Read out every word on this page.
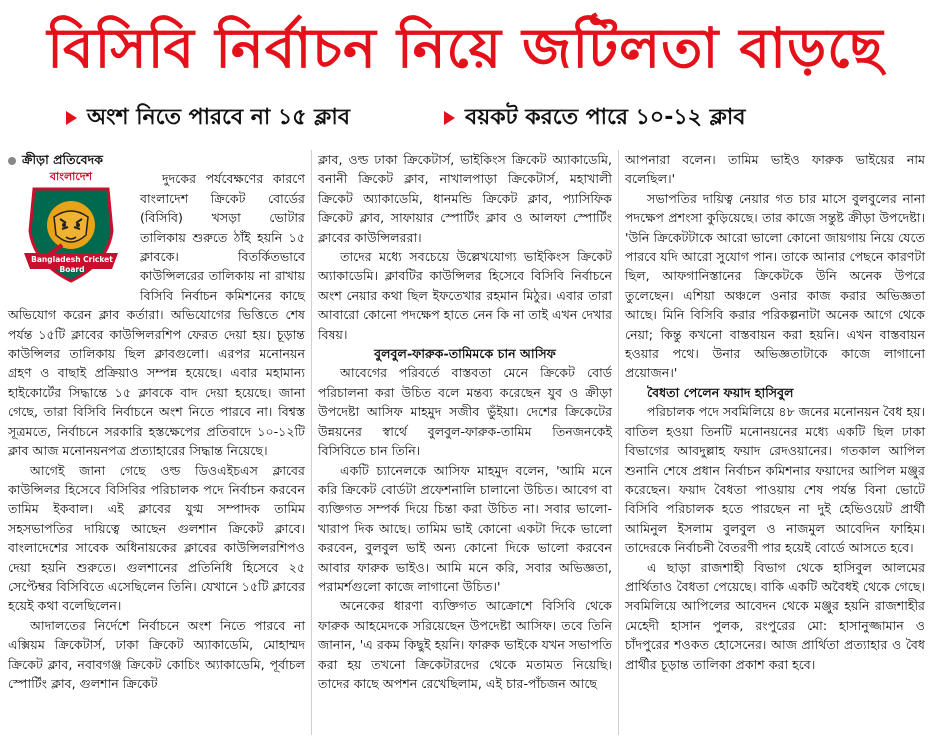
বিসিবি নির্বাচন নিয়ে জটিলতা বাড়ছে
অংশ নিতে পারবে না ১৫ ক্লাব	বয়কট করতে পারে ১০-১২ ক্লাব

ক্রীড়া প্রতিবেদক

বাংলাদেশ
Bangladesh Cricket Board

দুদকের পর্যবেক্ষণের কারণে বাংলাদেশ ক্রিকেট বোর্ডের (বিসিবি) খসড়া ভোটার তালিকায় শুরুতে ঠাঁই হয়নি ১৫ ক্লাবকে। বিতর্কিতভাবে কাউন্সিলরের তালিকায় না রাখায় বিসিবি নির্বাচন কমিশনের কাছে অভিযোগ করেন ক্লাব কর্তারা। অভিযোগের ভিত্তিতে শেষ পর্যন্ত ১৫টি ক্লাবের কাউন্সিলরশিপ ফেরত দেয়া হয়। চূড়ান্ত কাউন্সিলর তালিকায় ছিল ক্লাবগুলো। এরপর মনোনয়ন গ্রহণ ও বাছাই প্রক্রিয়াও সম্পন্ন হয়েছে। এবার মহামান্য হাইকোর্টের সিদ্ধান্তে ১৫ ক্লাবকে বাদ দেয়া হয়েছে। জানা গেছে, তারা বিসিবি নির্বাচনে অংশ নিতে পারবে না। বিশ্বস্ত সূত্রমতে, নির্বাচনে সরকারি হস্তক্ষেপের প্রতিবাদে ১০-১২টি ক্লাব আজ মনোনয়নপত্র প্রত্যাহারের সিদ্ধান্ত নিয়েছে।

আগেই জানা গেছে ওল্ড ডিওএইচএস ক্লাবের কাউন্সিলর হিসেবে বিসিবির পরিচালক পদে নির্বাচন করবেন তামিম ইকবাল। এই ক্লাবের যুগ্ম সম্পাদক তামিম সহসভাপতির দায়িত্বে আছেন গুলশান ক্রিকেট ক্লাবে। বাংলাদেশের সাবেক অধিনায়কের ক্লাবের কাউন্সিলরশিপও দেয়া হয়নি শুরুতে। গুলশানের প্রতিনিধি হিসেবে ২৫ সেপ্টেম্বর বিসিবিতে এসেছিলেন তিনি। যেখানে ১৫টি ক্লাবের হয়েই কথা বলেছিলেন।

আদালতের নির্দেশে নির্বাচনে অংশ নিতে পারবে না এক্সিয়ম ক্রিকেটার্স, ঢাকা ক্রিকেট অ্যাকাডেমি, মোহাম্মদ ক্রিকেট ক্লাব, নবাবগঞ্জ ক্রিকেট কোচিং অ্যাকাডেমি, পূর্বাচল স্পোর্টিং ক্লাব, গুলশান ক্রিকেট

ক্লাব, ওল্ড ঢাকা ক্রিকেটার্স, ভাইকিংস ক্রিকেট অ্যাকাডেমি, বনানী ক্রিকেট ক্লাব, নাখালপাড়া ক্রিকেটার্স, মহাখালী ক্রিকেট অ্যাকাডেমি, ধানমন্ডি ক্রিকেট ক্লাব, প্যাসিফিক ক্রিকেট ক্লাব, সাফায়ার স্পোর্টিং ক্লাব ও আলফা স্পোর্টিং ক্লাবের কাউন্সিলররা।

তাদের মধ্যে সবচেয়ে উল্লেখযোগ্য ভাইকিংস ক্রিকেট অ্যাকাডেমি। ক্লাবটির কাউন্সিলর হিসেবে বিসিবি নির্বাচনে অংশ নেয়ার কথা ছিল ইফতেখার রহমান মিঠুর। এবার তারা আবারো কোনো পদক্ষেপ হাতে নেন কি না তাই এখন দেখার বিষয়।

বুলবুল-ফারুক-তামিমকে চান আসিফ

আবেগের পরিবর্তে বাস্তবতা মেনে ক্রিকেট বোর্ড পরিচালনা করা উচিত বলে মন্তব্য করেছেন যুব ও ক্রীড়া উপদেষ্টা আসিফ মাহমুদ সজীব ভুঁইয়া। দেশের ক্রিকেটের উন্নয়নের স্বার্থে বুলবুল-ফারুক-তামিম তিনজনকেই বিসিবিতে চান তিনি।

একটি চ্যানেলকে আসিফ মাহমুদ বলেন, 'আমি মনে করি ক্রিকেট বোর্ডটা প্রফেশনালি চালানো উচিত। আবেগ বা ব্যক্তিগত সম্পর্ক দিয়ে চিন্তা করা উচিত না। সবার ভালো-খারাপ দিক আছে। তামিম ভাই কোনো একটা দিকে ভালো করবেন, বুলবুল ভাই অন্য কোনো দিকে ভালো করবেন আবার ফারুক ভাইও। আমি মনে করি, সবার অভিজ্ঞতা, পরামর্শগুলো কাজে লাগানো উচিত।'

অনেকের ধারণা ব্যক্তিগত আক্রোশে বিসিবি থেকে ফারুক আহমেদকে সরিয়েছেন উপদেষ্টা আসিফ। তবে তিনি জানান, 'এ রকম কিছুই হয়নি। ফারুক ভাইকে যখন সভাপতি করা হয় তখনো ক্রিকেটারদের থেকে মতামত নিয়েছি। তাদের কাছে অপশন রেখেছিলাম, এই চার-পাঁচজন আছে

আপনারা বলেন। তামিম ভাইও ফারুক ভাইয়ের নাম বলেছিল।'

সভাপতির দায়িত্ব নেয়ার গত চার মাসে বুলবুলের নানা পদক্ষেপ প্রশংসা কুড়িয়েছে। তার কাজে সন্তুষ্ট ক্রীড়া উপদেষ্টা। 'উনি ক্রিকেটটাকে আরো ভালো কোনো জায়গায় নিয়ে যেতে পারবে যদি আরো সুযোগ পান। তাকে আনার পেছনে কারণটা ছিল, আফগানিস্তানের ক্রিকেটকে উনি অনেক উপরে তুলেছেন। এশিয়া অঞ্চলে ওনার কাজ করার অভিজ্ঞতা আছে। মিনি বিসিবি করার পরিকল্পনাটা অনেক আগে থেকে নেয়া; কিন্তু কখনো বাস্তবায়ন করা হয়নি। এখন বাস্তবায়ন হওয়ার পথে। উনার অভিজ্ঞতাটাকে কাজে লাগানো প্রয়োজন।'

বৈধতা পেলেন ফয়াদ হাসিবুল

পরিচালক পদে সবমিলিয়ে ৪৮ জনের মনোনয়ন বৈধ হয়। বাতিল হওয়া তিনটি মনোনয়নের মধ্যে একটি ছিল ঢাকা বিভাগের আবদুল্লাহ ফয়াদ রেদওয়ানের। গতকাল আপিল শুনানি শেষে প্রধান নির্বাচন কমিশনার ফয়াদের আপিল মঞ্জুর করেছেন। ফয়াদ বৈধতা পাওয়ায় শেষ পর্যন্ত বিনা ভোটে বিসিবি পরিচালক হতে পারছেন না দুই হেভিওয়েট প্রার্থী আমিনুল ইসলাম বুলবুল ও নাজমুল আবেদিন ফাহিম। তাদেরকে নির্বাচনী বৈতরণী পার হয়েই বোর্ডে আসতে হবে।

এ ছাড়া রাজশাহী বিভাগ থেকে হাসিবুল আলমের প্রার্থিতাও বৈধতা পেয়েছে। বাকি একটি অবৈধই থেকে গেছে। সবমিলিয়ে আপিলের আবেদন থেকে মঞ্জুর হয়নি রাজশাহীর মেহেদী হাসান পুলক, রংপুরের মো: হাসানুজ্জামান ও চাঁদপুরের শওকত হোসেনের। আজ প্রার্থিতা প্রত্যাহার ও বৈধ প্রার্থীর চূড়ান্ত তালিকা প্রকাশ করা হবে।
